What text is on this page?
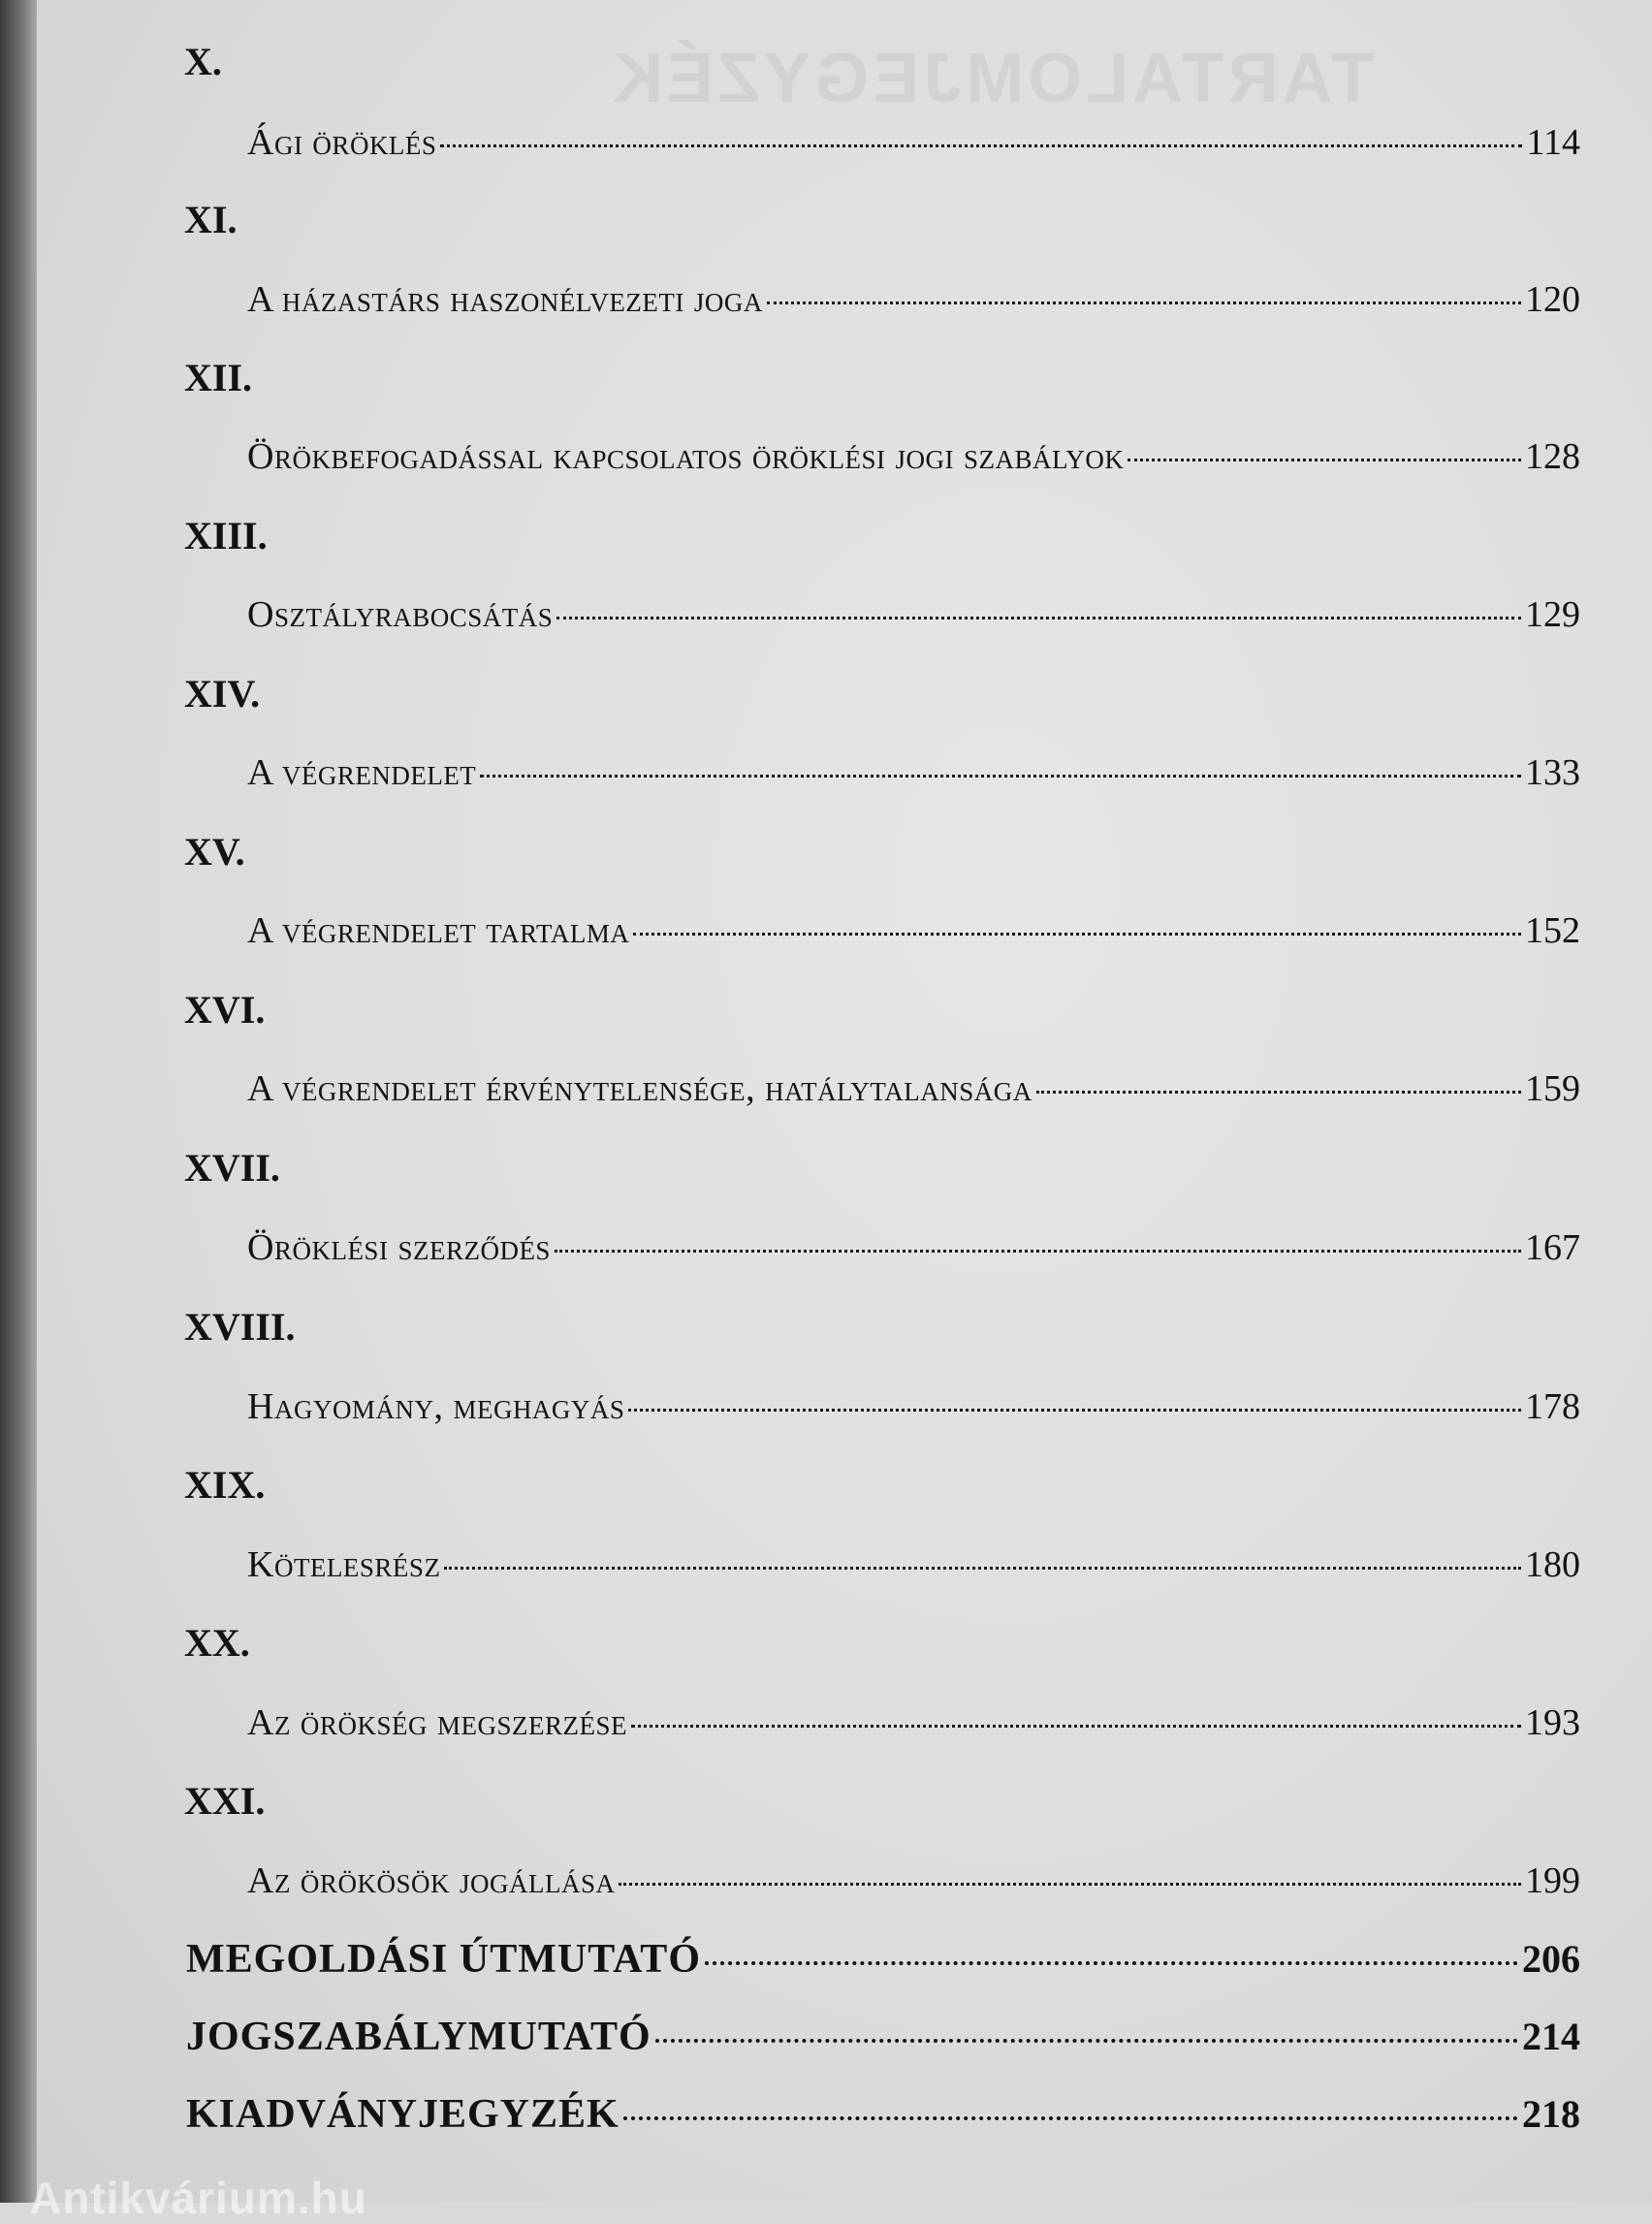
TARTALOMJEGYZÉK
X.
Ági öröklés	114
XI.
A házastárs haszonélvezeti joga	120
XII.
Örökbefogadással kapcsolatos öröklési jogi szabályok	128
XIII.
Osztályrabocsátás	129
XIV.
A végrendelet	133
XV.
A végrendelet tartalma	152
XVI.
A végrendelet érvénytelensége, hatálytalansága	159
XVII.
Öröklési szerződés	167
XVIII.
Hagyomány, meghagyás	178
XIX.
Kötelesrész	180
XX.
Az örökség megszerzése	193
XXI.
Az örökösök jogállása	199
MEGOLDÁSI ÚTMUTATÓ	206
JOGSZABÁLYMUTATÓ	214
KIADVÁNYJEGYZÉK	218
Antikvárium.hu
